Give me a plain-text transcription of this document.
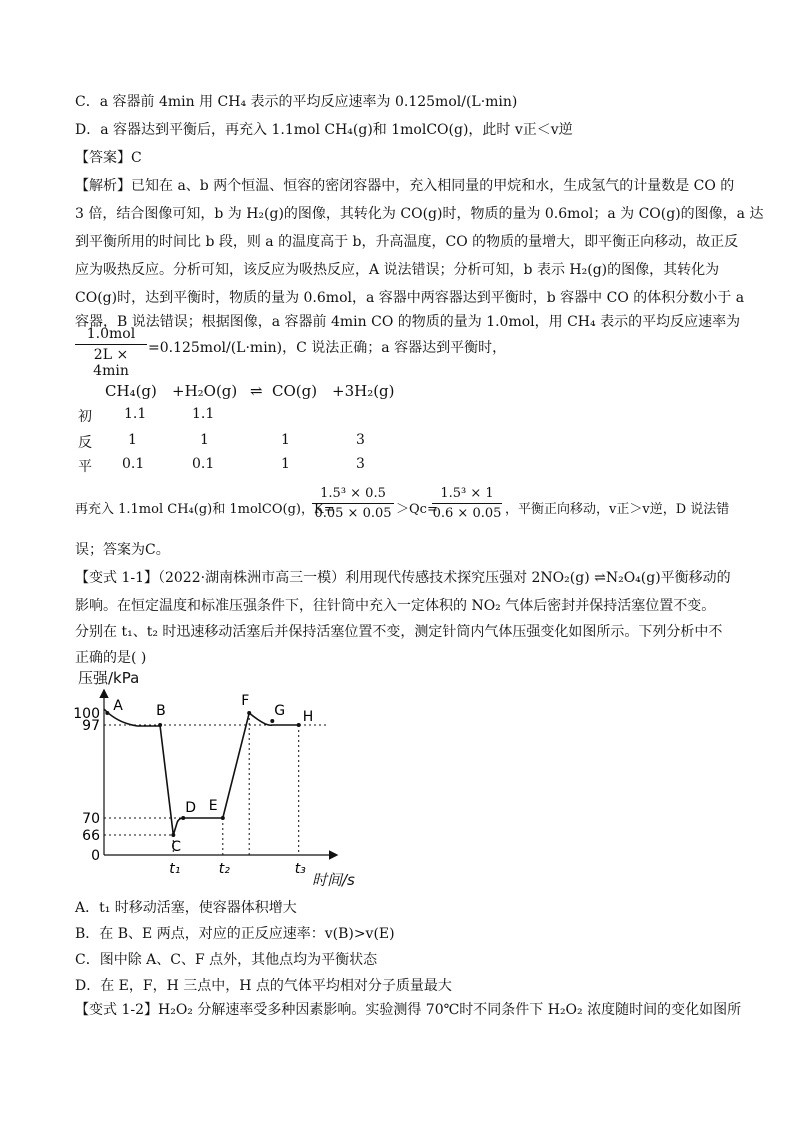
C．a 容器前 4min 用 CH₄ 表示的平均反应速率为 0.125mol/(L·min)
D．a 容器达到平衡后，再充入 1.1mol CH₄(g)和 1molCO(g)，此时 v正＜v逆
【答案】C
【解析】已知在 a、b 两个恒温、恒容的密闭容器中，充入相同量的甲烷和水，生成氢气的计量数是 CO 的
3 倍，结合图像可知，b 为 H₂(g)的图像，其转化为 CO(g)时，物质的量为 0.6mol；a 为 CO(g)的图像，a 达
到平衡所用的时间比 b 段，则 a 的温度高于 b，升高温度，CO 的物质的量增大，即平衡正向移动，故正反
应为吸热反应。分析可知，该反应为吸热反应，A 说法错误；分析可知，b 表示 H₂(g)的图像，其转化为
CO(g)时，达到平衡时，物质的量为 0.6mol，a 容器中两容器达到平衡时，b 容器中 CO 的体积分数小于 a
容器，B 说法错误；根据图像，a 容器前 4min CO 的物质的量为 1.0mol，用 CH₄ 表示的平均反应速率为
1.0mol
2L × 4min
=0.125mol/(L·min)，C 说法正确；a 容器达到平衡时，
CH₄(g) +H₂O(g) ⇌ CO(g) +3H₂(g)
初 1.1	1.1
反	1	1	1	3
平 0.1	0.1	1	3
再充入 1.1mol CH₄(g)和 1molCO(g)，K=
$\frac{\text{1.5³ × 0.5}}{0.05 \times 0.05} >Qc=$
$\frac{\text{1.5³ × 1}}{0.6 \times 0.05}$ ，平衡正向移动，v正＞v逆，D 说法错
误；答案为C。
【变式 1-1】（2022·湖南株洲市高三一模）利用现代传感技术探究压强对 2NO₂(g) ⇌N₂O₄(g)平衡移动的
影响。在恒定温度和标准压强条件下，往针筒中充入一定体积的 NO₂ 气体后密封并保持活塞位置不变。
分别在 t₁、t₂ 时迅速移动活塞后并保持活塞位置不变，测定针筒内气体压强变化如图所示。下列分析中不
正确的是( )
压强/kPa
时间/s
100
97
70
66
0
t₁	t₂	t₃
A B
C
D E
F
G H
A．t₁ 时移动活塞，使容器体积增大
B．在 B、E 两点，对应的正反应速率：v(B)>v(E)
C．图中除 A、C、F 点外，其他点均为平衡状态
D．在 E，F，H 三点中，H 点的气体平均相对分子质量最大
【变式 1-2】H₂O₂ 分解速率受多种因素影响。实验测得 70℃时不同条件下 H₂O₂ 浓度随时间的变化如图所
